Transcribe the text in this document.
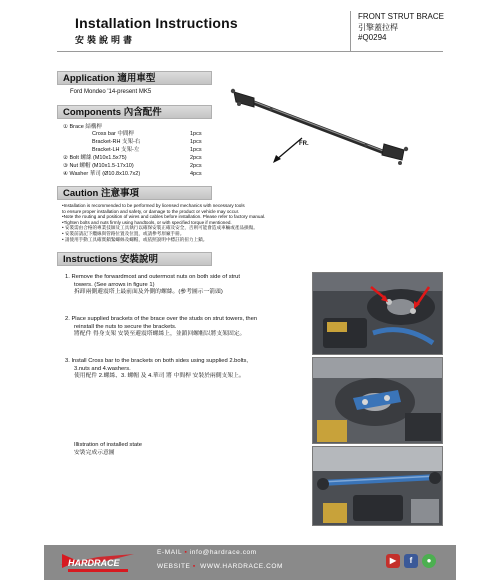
Installation Instructions
安裝說明書
FRONT STRUT BRACE
引擎蓋拉桿
#Q0294
Application 適用車型
Ford Mondeo '14-present MK5
Components 內含配件
① Brace 結構桿
Cross bar 中間桿
Bracket-RH 支架-右
Bracket-LH 支架-左
② Bolt 螺絲 (M10x1.5x75)
③ Nut 螺帽 (M10x1.5-17x10)
④ Washer 華司 (Ø10.8x10.7x2)
1pcs
1pcs
1pcs
2pcs
2pcs
4pcs
FR.
Caution 注意事項
•Installation is recommended to be performed by licensed mechanics with necessary tools
to ensure proper installation and safety, or damage to the product or vehicle may occur.
•Note the routing and position of wires and cables before installation. Please refer to factory manual.
•Tighten bolts and nuts firmly using handtools, or with specified torque if mentioned.
• 安裝需由合格的專業技師及工具執行以確保安裝正確及安全，否則可能會造成車輛或產品損傷。
• 安裝前請記下纜線與管路位置及位置，或請參考原廠手冊。
• 請使用手動工具確實鎖緊螺絲及螺帽，或依照說明中標註的扭力上鎖。
Instructions 安裝說明
1. Remove the forwardmost and outermost nuts on both side of strut
towers. (See arrows in figure 1)
拆卸兩側避震塔上最前面及外側的螺絲。(參考圖示一箭頭)
2. Place supplied brackets of the brace over the studs on strut towers, then
reinstall the nuts to secure the brackets.
將配件 得身支架 安裝至避震塔螺絲上，並鎖回螺帽以將支架固定。
3. Install Cross bar to the brackets on both sides using supplied 2.bolts,
3.nuts and 4.washers.
使用配件 2.螺絲、3. 螺帽 及 4.華司 將 中間桿 安裝於兩側支架上。
Illistration of installed state
安裝完成示意圖
HARDRACE
E-MAIL ▪ info@hardrace.com
WEBSITE ▪ WWW.HARDRACE.COM
▶	f	●
